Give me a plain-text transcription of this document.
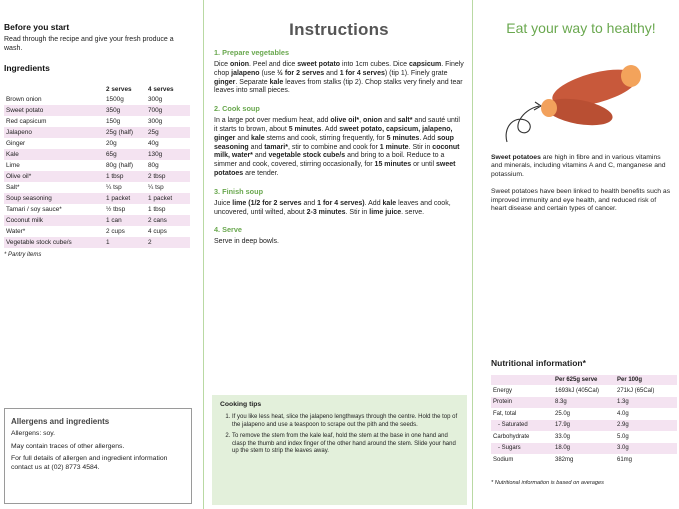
Before you start

Read through the recipe and give your fresh produce a wash.

Ingredients
	2 serves	4 serves
Brown onion	1500g	300g
Sweet potato	350g	700g
Red capsicum	150g	300g
Jalapeno	25g (half)	25g
Ginger	20g	40g
Kale	65g	130g
Lime	80g (half)	80g
Olive oil*	1 tbsp	2 tbsp
Salt*	¼ tsp	¼ tsp
Soup seasoning	1 packet	1 packet
Tamari / soy sauce*	½ tbsp	1 tbsp
Coconut milk	1 can	2 cans
Water*	2 cups	4 cups
Vegetable stock cube/s	1	2

* Pantry items

Allergens and ingredients

Allergens: soy.

May contain traces of other allergens.

For full details of allergen and ingredient information contact us at (02) 8773 4584.

Instructions
1. Prepare vegetables

Dice onion. Peel and dice sweet potato into 1cm cubes. Dice capsicum. Finely chop jalapeno (use ½ for 2 serves and 1 for 4 serves) (tip 1). Finely grate ginger. Separate kale leaves from stalks (tip 2). Chop stalks very finely and tear leaves into small pieces.

2. Cook soup

In a large pot over medium heat, add olive oil*, onion and salt* and sauté until it starts to brown, about 5 minutes. Add sweet potato, capsicum, jalapeno, ginger and kale stems and cook, stirring frequently, for 5 minutes. Add soup seasoning and tamari*, stir to combine and cook for 1 minute. Stir in coconut milk, water* and vegetable stock cube/s and bring to a boil. Reduce to a simmer and cook, covered, stirring occasionally, for 15 minutes or until sweet potatoes are tender.

3. Finish soup

Juice lime (1/2 for 2 serves and 1 for 4 serves). Add kale leaves and cook, uncovered, until wilted, about 2-3 minutes. Stir in lime juice. serve.

4. Serve

Serve in deep bowls.

Cooking tips
1. If you like less heat, slice the jalapeno lengthways through the centre. Hold the top of the jalapeno and use a teaspoon to scrape out the pith and the seeds.
2. To remove the stem from the kale leaf, hold the stem at the base in one hand and clasp the thumb and index finger of the other hand around the stem. Slide your hand up the stem to strip the leaves away.
Eat your way to healthy!

Sweet potatoes are high in fibre and in various vitamins and minerals, including vitamins A and C, manganese and potassium.

Sweet potatoes have been linked to health benefits such as improved immunity and eye health, and reduced risk of heart disease and certain types of cancer.

Nutritional information*
	Per 625g serve	Per 100g
Energy	1693kJ (405Cal)	271kJ (65Cal)
Protein	8.3g	1.3g
Fat, total	25.0g	4.0g
- Saturated	17.9g	2.9g
Carbohydrate	33.0g	5.0g
- Sugars	18.0g	3.0g
Sodium	382mg	61mg
* Nutritional information is based on averages
